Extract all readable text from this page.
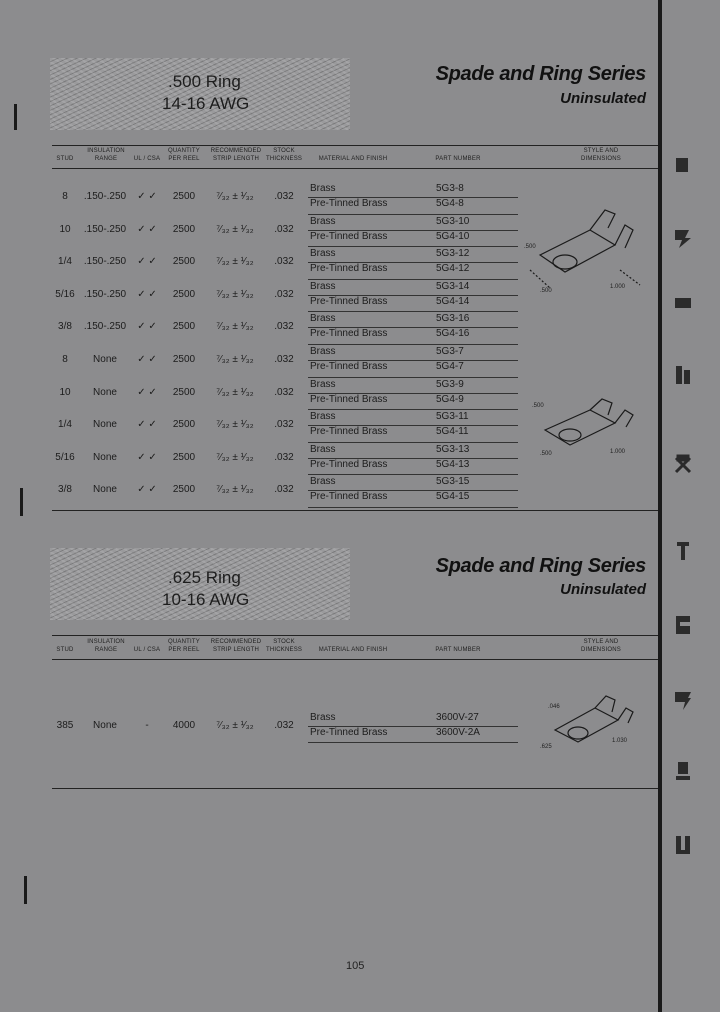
.500 Ring
14-16 AWG
Spade and Ring Series
Uninsulated
STUD
INSULATION
RANGE	UL / CSA
QUANTITY
PER REEL
RECOMMENDED
STRIP LENGTH
STOCK
THICKNESS	MATERIAL AND FINISH	PART NUMBER
STYLE AND
DIMENSIONS
8	.150-.250	✓ ✓	2500	⁷⁄₃₂ ± ¹⁄₃₂	.032
Brass	5G3-8
Pre-Tinned Brass	5G4-8
10	.150-.250	✓ ✓	2500	⁷⁄₃₂ ± ¹⁄₃₂	.032
Brass	5G3-10
Pre-Tinned Brass	5G4-10
1/4	.150-.250	✓ ✓	2500	⁷⁄₃₂ ± ¹⁄₃₂	.032
Brass	5G3-12
Pre-Tinned Brass	5G4-12
5/16 .150-.250	✓ ✓	2500	⁷⁄₃₂ ± ¹⁄₃₂	.032
Brass	5G3-14
Pre-Tinned Brass	5G4-14
3/8	.150-.250	✓ ✓	2500	⁷⁄₃₂ ± ¹⁄₃₂	.032
Brass	5G3-16
Pre-Tinned Brass	5G4-16
8	None	✓ ✓	2500	⁷⁄₃₂ ± ¹⁄₃₂	.032
Brass	5G3-7
Pre-Tinned Brass	5G4-7
10	None	✓ ✓	2500	⁷⁄₃₂ ± ¹⁄₃₂	.032
Brass	5G3-9
Pre-Tinned Brass	5G4-9
1/4	None	✓ ✓	2500	⁷⁄₃₂ ± ¹⁄₃₂	.032
Brass	5G3-11
Pre-Tinned Brass	5G4-11
5/16	None	✓ ✓	2500	⁷⁄₃₂ ± ¹⁄₃₂	.032
Brass	5G3-13
Pre-Tinned Brass	5G4-13
3/8	None	✓ ✓	2500	⁷⁄₃₂ ± ¹⁄₃₂	.032
Brass	5G3-15
Pre-Tinned Brass	5G4-15
.500
.500
1.000
.500
.500	1.000
.625 Ring
10-16 AWG
Spade and Ring Series
Uninsulated
STUD
INSULATION
RANGE	UL / CSA
QUANTITY
PER REEL
RECOMMENDED
STRIP LENGTH
STOCK
THICKNESS	MATERIAL AND FINISH	PART NUMBER
STYLE AND
DIMENSIONS
385	None	-	4000	⁷⁄₃₂ ± ¹⁄₃₂	.032
Brass	3600V-27
Pre-Tinned Brass	3600V-2A
.046
.625
1.030
105
